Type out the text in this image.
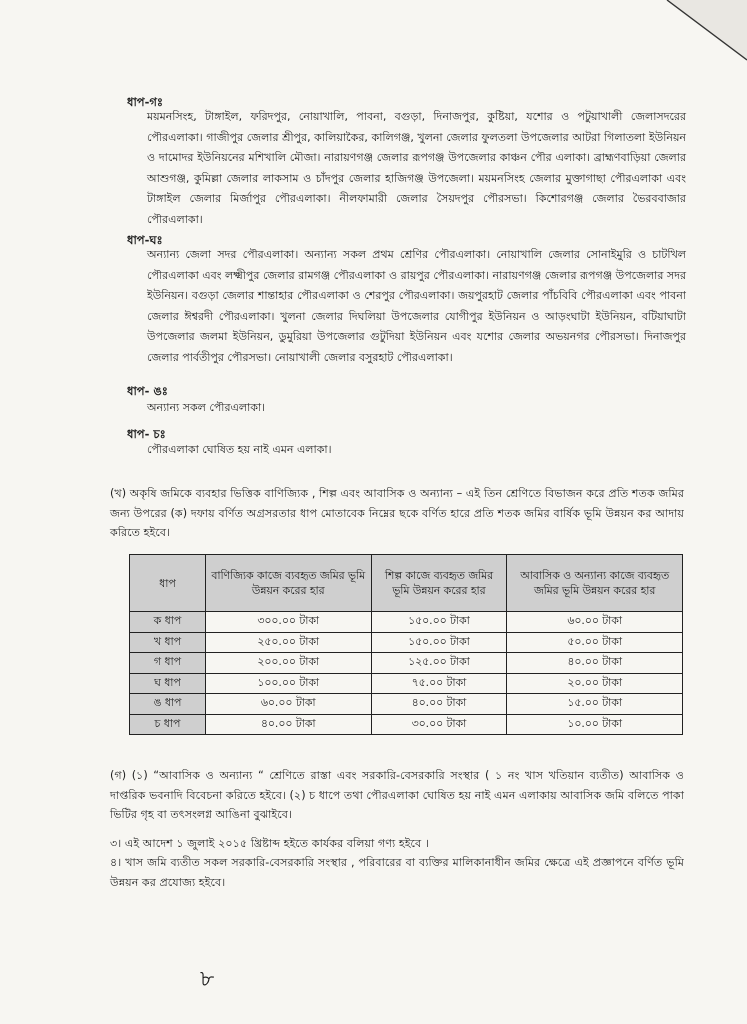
ধাপ-গঃ
ময়মনসিংহ, টাঙ্গাইল, ফরিদপুর, নোয়াখালি, পাবনা, বগুড়া, দিনাজপুর, কুষ্টিয়া, যশোর ও পটুয়াখালী জেলাসদরের পৌরএলাকা। গাজীপুর জেলার শ্রীপুর, কালিয়াকৈর, কালিগঞ্জ, খুলনা জেলার ফুলতলা উপজেলার আটরা গিলাতলা ইউনিয়ন ও দামোদর ইউনিয়নের মশিখালি মৌজা। নারায়ণগঞ্জ জেলার রূপগঞ্জ উপজেলার কাঞ্চন পৌর এলাকা। ব্রাহ্মণবাড়িয়া জেলার আশুগঞ্জ, কুমিল্লা জেলার লাকসাম ও চাঁদপুর জেলার হাজিগঞ্জ উপজেলা। ময়মনসিংহ জেলার মুক্তাগাছা পৌরএলাকা এবং টাঙ্গাইল জেলার মির্জাপুর পৌরএলাকা। নীলফামারী জেলার সৈয়দপুর পৌরসভা। কিশোরগঞ্জ জেলার ভৈরববাজার পৌরএলাকা।
ধাপ-ঘঃ
অন্যান্য জেলা সদর পৌরএলাকা। অন্যান্য সকল প্রথম শ্রেণির পৌরএলাকা। নোয়াখালি জেলার সোনাইমুরি ও চাটখিল পৌরএলাকা এবং লক্ষ্মীপুর জেলার রামগঞ্জ পৌরএলাকা ও রায়পুর পৌরএলাকা। নারায়ণগঞ্জ জেলার রূপগঞ্জ উপজেলার সদর ইউনিয়ন। বগুড়া জেলার শান্তাহার পৌরএলাকা ও শেরপুর পৌরএলাকা। জয়পুরহাট জেলার পাঁচবিবি পৌরএলাকা এবং পাবনা জেলার ঈশ্বরদী পৌরএলাকা। খুলনা জেলার দিঘলিয়া উপজেলার যোগীপুর ইউনিয়ন ও আড়ংঘাটা ইউনিয়ন, বটিয়াঘাটা উপজেলার জলমা ইউনিয়ন, ডুমুরিয়া উপজেলার গুটুদিয়া ইউনিয়ন এবং যশোর জেলার অভয়নগর পৌরসভা। দিনাজপুর জেলার পার্বতীপুর পৌরসভা। নোয়াখালী জেলার বসুরহাট পৌরএলাকা।
ধাপ- ঙঃ
অন্যান্য সকল পৌরএলাকা।
ধাপ- চঃ
পৌরএলাকা ঘোষিত হয় নাই এমন এলাকা।
(খ) অকৃষি জমিকে ব্যবহার ভিত্তিক বাণিজ্যিক , শিল্প এবং আবাসিক ও অন্যান্য – এই তিন শ্রেণিতে বিভাজন করে প্রতি শতক জমির জন্য উপরের (ক) দফায় বর্ণিত অগ্রসরতার ধাপ মোতাবেক নিম্নের ছকে বর্ণিত হারে প্রতি শতক জমির বার্ষিক ভূমি উন্নয়ন কর আদায় করিতে হইবে।
ধাপ	বাণিজ্যিক কাজে ব্যবহৃত জমির ভূমি উন্নয়ন করের হার	শিল্প কাজে ব্যবহৃত জমির ভূমি উন্নয়ন করের হার	আবাসিক ও অন্যান্য কাজে ব্যবহৃত জমির ভূমি উন্নয়ন করের হার
ক ধাপ	৩০০.০০ টাকা	১৫০.০০ টাকা	৬০.০০ টাকা
খ ধাপ	২৫০.০০ টাকা	১৫০.০০ টাকা	৫০.০০ টাকা
গ ধাপ	২০০.০০ টাকা	১২৫.০০ টাকা	৪০.০০ টাকা
ঘ ধাপ	১০০.০০ টাকা	৭৫.০০ টাকা	২০.০০ টাকা
ঙ ধাপ	৬০.০০ টাকা	৪০.০০ টাকা	১৫.০০ টাকা
চ ধাপ	৪০.০০ টাকা	৩০.০০ টাকা	১০.০০ টাকা
(গ) (১) “আবাসিক ও অন্যান্য “ শ্রেণিতে রাস্তা এবং সরকারি-বেসরকারি সংস্থার ( ১ নং খাস খতিয়ান ব্যতীত) আবাসিক ও দাপ্তরিক ভবনাদি বিবেচনা করিতে হইবে। (২) চ ধাপে তথা পৌরএলাকা ঘোষিত হয় নাই এমন এলাকায় আবাসিক জমি বলিতে পাকা ভিটির গৃহ বা তৎসংলগ্ন আঙিনা বুঝাইবে।
৩। এই আদেশ ১ জুলাই ২০১৫ খ্রিষ্টাব্দ হইতে কার্যকর বলিয়া গণ্য হইবে ।
৪। খাস জমি ব্যতীত সকল সরকারি-বেসরকারি সংস্থার , পরিবারের বা ব্যক্তির মালিকানাধীন জমির ক্ষেত্রে এই প্রজ্ঞাপনে বর্ণিত ভূমি উন্নয়ন কর প্রযোজ্য হইবে।
৮
